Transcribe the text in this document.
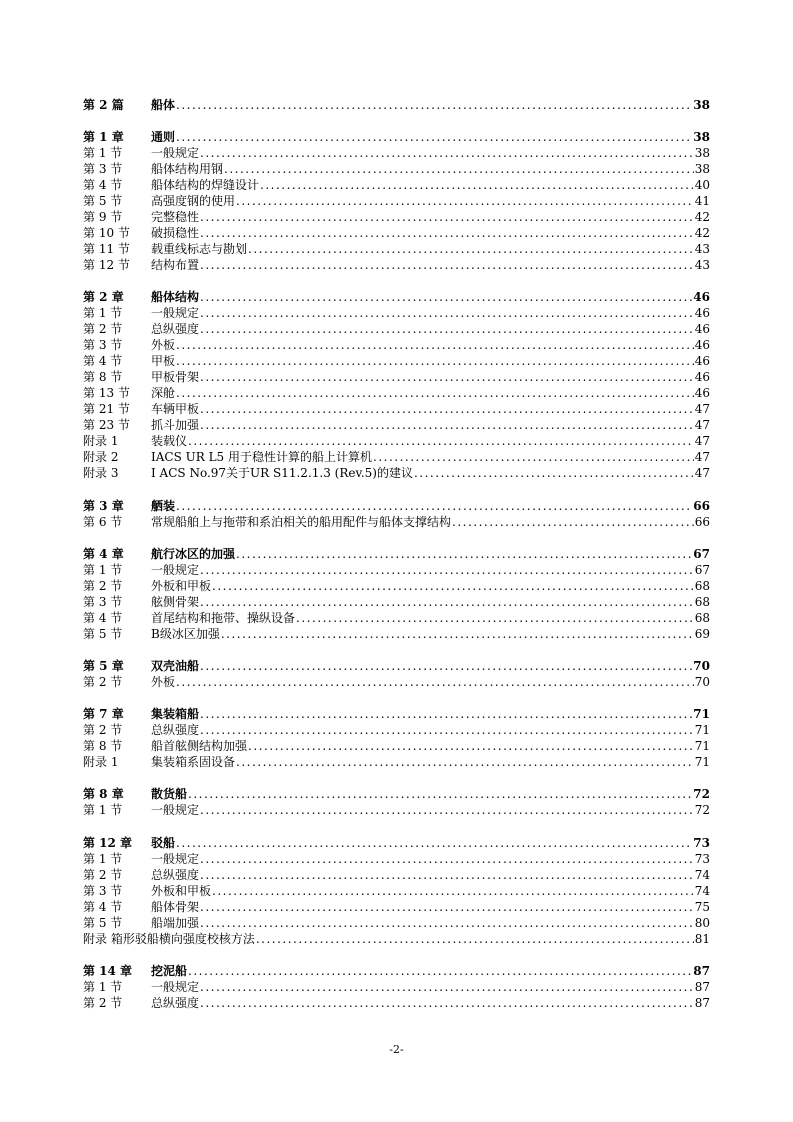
第 2 篇	船体 .....	38
第 1 章	通则 .....	38
第 1 节	一般规定 .....	38
第 3 节	船体结构用钢 .....	38
第 4 节	船体结构的焊缝设计 .....	40
第 5 节	高强度钢的使用 .....	41
第 9 节	完整稳性 .....	42
第 10 节	破损稳性 .....	42
第 11 节	载重线标志与勘划 .....	43
第 12 节	结构布置 .....	43
第 2 章	船体结构 .....	46
第 1 节	一般规定 .....	46
第 2 节	总纵强度 .....	46
第 3 节	外板 .....	46
第 4 节	甲板 .....	46
第 8 节	甲板骨架 .....	46
第 13 节	深舱 .....	46
第 21 节	车辆甲板 .....	47
第 23 节	抓斗加强 .....	47
附录 1	装载仪 .....	47
附录 2	IACS UR L5 用于稳性计算的船上计算机 .....	47
附录 3	I ACS No.97关于UR S11.2.1.3 (Rev.5)的建议 .....	47
第 3 章	舾装 .....	66
第 6 节	常规船舶上与拖带和系泊相关的船用配件与船体支撑结构 .....	66
第 4 章	航行冰区的加强 .....	67
第 1 节	一般规定 .....	67
第 2 节	外板和甲板 .....	68
第 3 节	舷侧骨架 .....	68
第 4 节	首尾结构和拖带、操纵设备 .....	68
第 5 节	B级冰区加强 .....	69
第 5 章	双壳油船 .....	70
第 2 节	外板 .....	70
第 7 章	集装箱船 .....	71
第 2 节	总纵强度 .....	71
第 8 节	船首舷侧结构加强 .....	71
附录 1	集装箱系固设备 .....	71
第 8 章	散货船 .....	72
第 1 节	一般规定 .....	72
第 12 章	驳船 .....	73
第 1 节	一般规定 .....	73
第 2 节	总纵强度 .....	74
第 3 节	外板和甲板 .....	74
第 4 节	船体骨架 .....	75
第 5 节	船端加强 .....	80
附录 箱形驳船横向强度校核方法 .....	81
第 14 章	挖泥船 .....	87
第 1 节	一般规定 .....	87
第 2 节	总纵强度 .....	87
-2-
